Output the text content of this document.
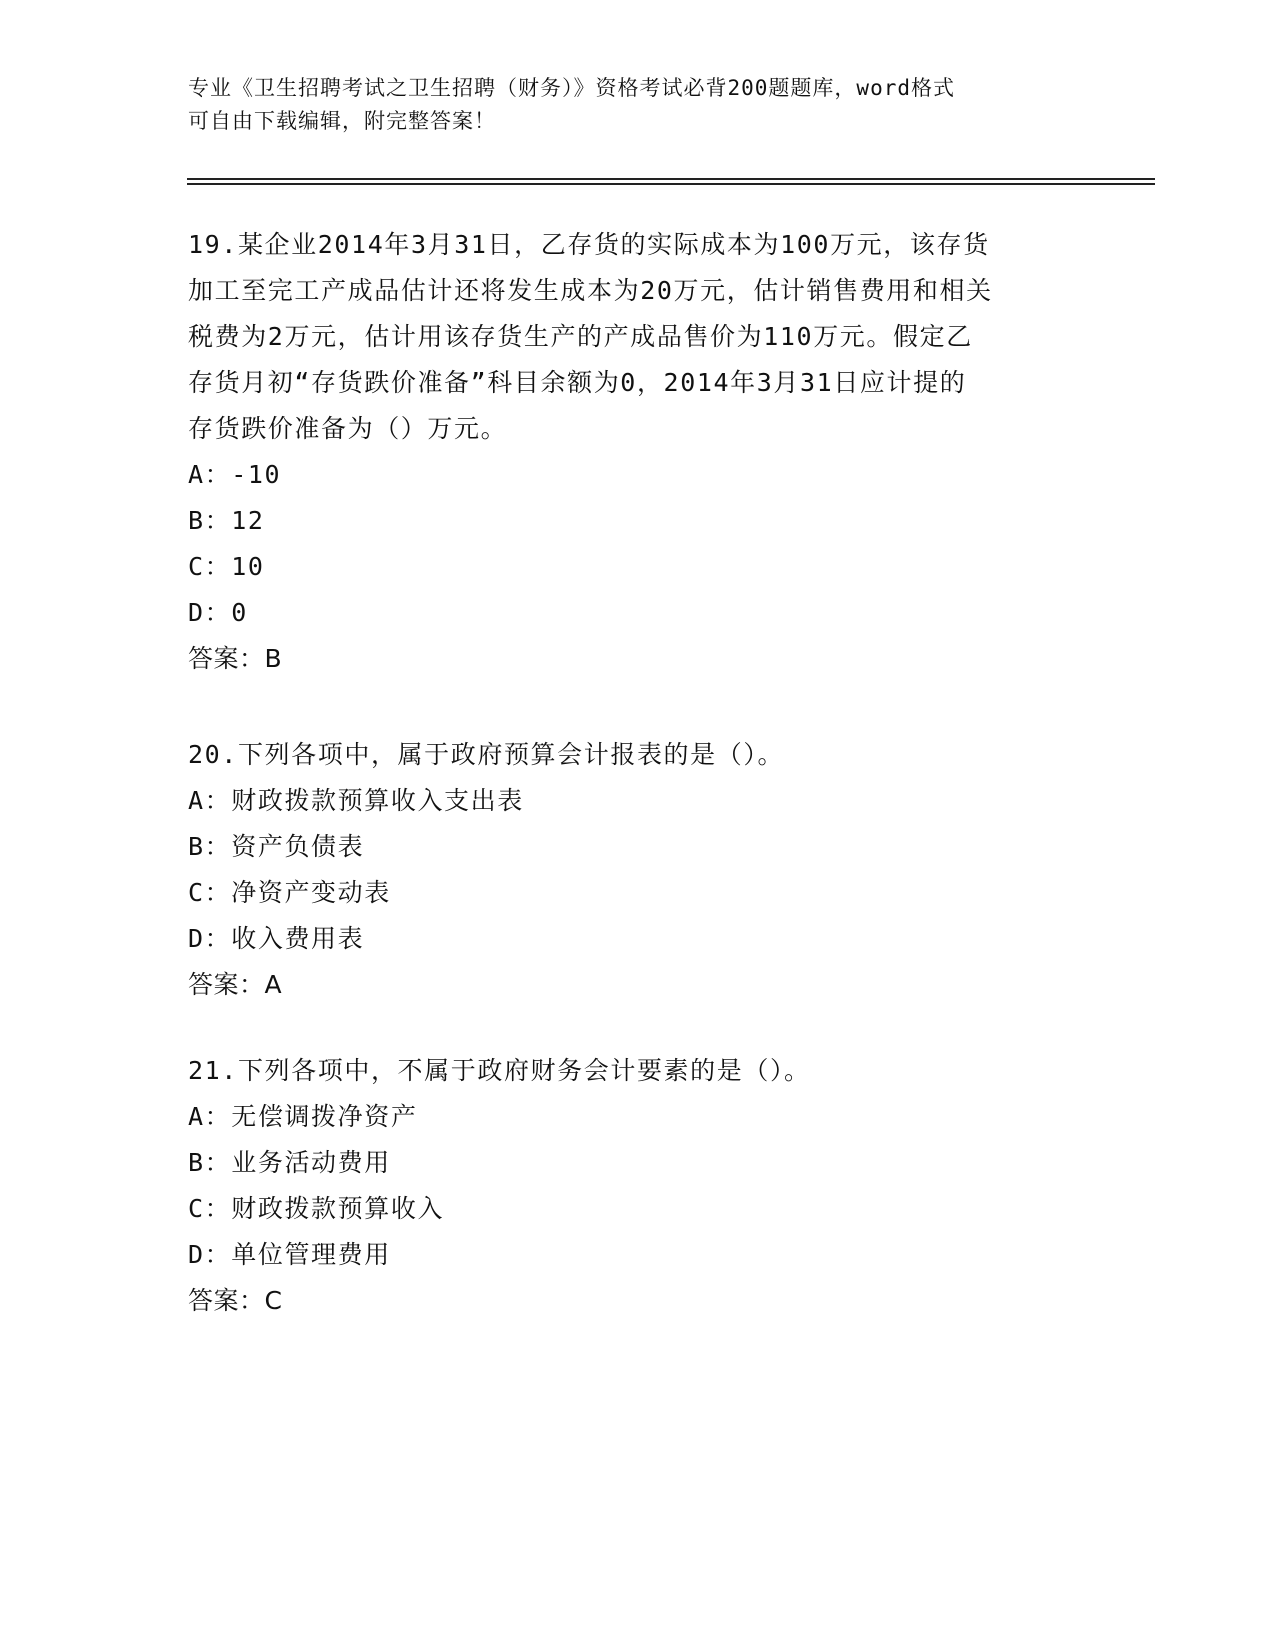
专业《卫生招聘考试之卫生招聘（财务）》资格考试必背200题题库，word格式
可自由下载编辑，附完整答案！
19.某企业2014年3月31日，乙存货的实际成本为100万元，该存货
加工至完工产成品估计还将发生成本为20万元，估计销售费用和相关
税费为2万元，估计用该存货生产的产成品售价为110万元。假定乙
存货月初“存货跌价准备”科目余额为0，2014年3月31日应计提的
存货跌价准备为（）万元。
A：-10
B：12
C：10
D：0
答案：B
20.下列各项中，属于政府预算会计报表的是（）。
A：财政拨款预算收入支出表
B：资产负债表
C：净资产变动表
D：收入费用表
答案：A
21.下列各项中，不属于政府财务会计要素的是（）。
A：无偿调拨净资产
B：业务活动费用
C：财政拨款预算收入
D：单位管理费用
答案：C
